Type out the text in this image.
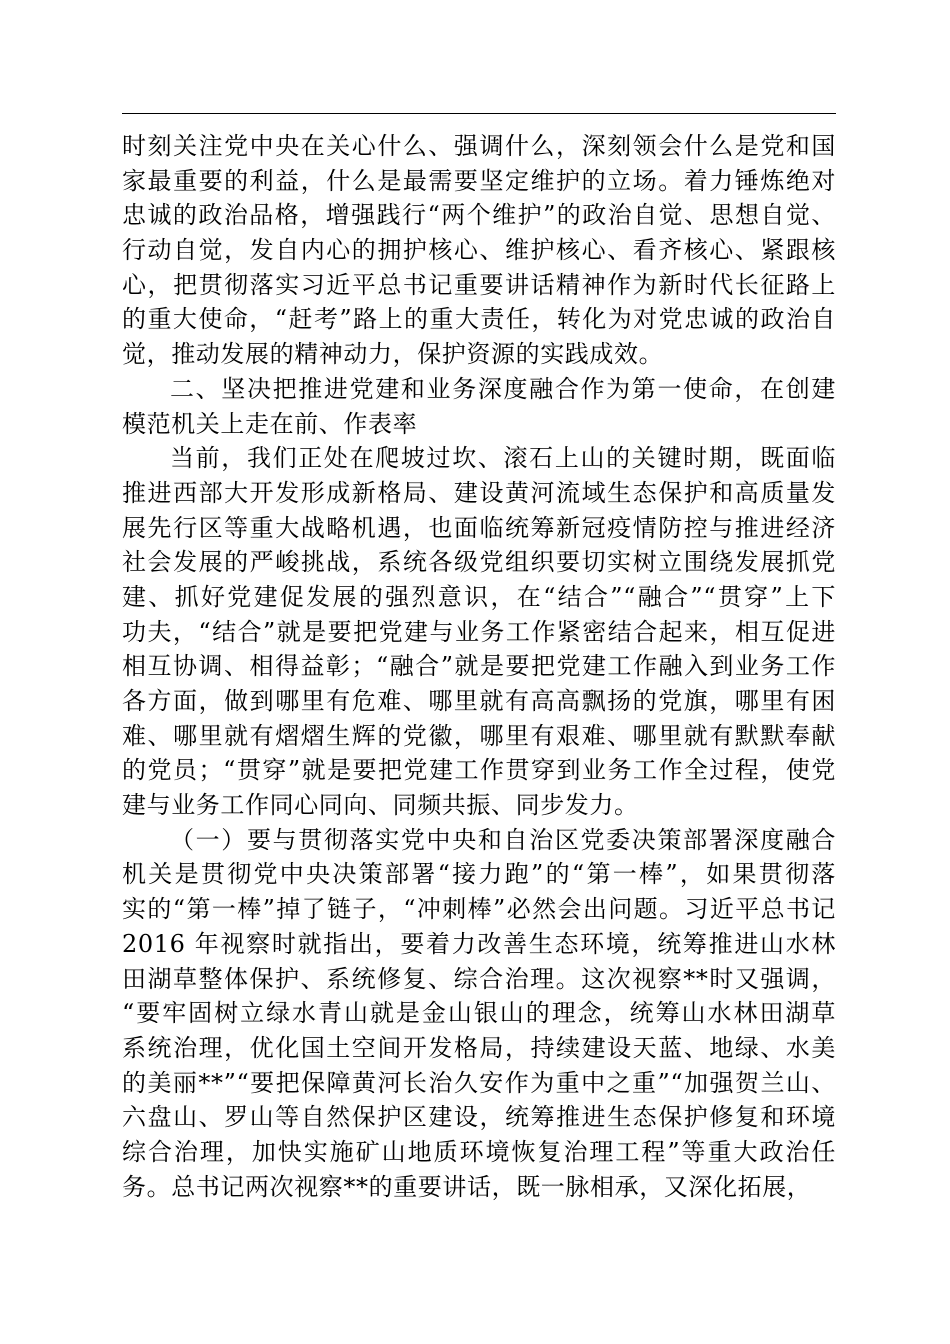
时刻关注党中央在关心什么、强调什么，深刻领会什么是党和国
家最重要的利益，什么是最需要坚定维护的立场。着力锤炼绝对
忠诚的政治品格，增强践行“两个维护”的政治自觉、思想自觉、
行动自觉，发自内心的拥护核心、维护核心、看齐核心、紧跟核
心，把贯彻落实习近平总书记重要讲话精神作为新时代长征路上
的重大使命，“赶考”路上的重大责任，转化为对党忠诚的政治自
觉，推动发展的精神动力，保护资源的实践成效。
二、坚决把推进党建和业务深度融合作为第一使命，在创建
模范机关上走在前、作表率
当前，我们正处在爬坡过坎、滚石上山的关键时期，既面临
推进西部大开发形成新格局、建设黄河流域生态保护和高质量发
展先行区等重大战略机遇，也面临统筹新冠疫情防控与推进经济
社会发展的严峻挑战，系统各级党组织要切实树立围绕发展抓党
建、抓好党建促发展的强烈意识，在“结合”“融合”“贯穿”上下
功夫，“结合”就是要把党建与业务工作紧密结合起来，相互促进
相互协调、相得益彰；“融合”就是要把党建工作融入到业务工作
各方面，做到哪里有危难、哪里就有高高飘扬的党旗，哪里有困
难、哪里就有熠熠生辉的党徽，哪里有艰难、哪里就有默默奉献
的党员；“贯穿”就是要把党建工作贯穿到业务工作全过程，使党
建与业务工作同心同向、同频共振、同步发力。
（一）要与贯彻落实党中央和自治区党委决策部署深度融合
机关是贯彻党中央决策部署“接力跑”的“第一棒”，如果贯彻落
实的“第一棒”掉了链子，“冲刺棒”必然会出问题。习近平总书记
2016 年视察时就指出，要着力改善生态环境，统筹推进山水林
田湖草整体保护、系统修复、综合治理。这次视察**时又强调，
“要牢固树立绿水青山就是金山银山的理念，统筹山水林田湖草
系统治理，优化国土空间开发格局，持续建设天蓝、地绿、水美
的美丽**”“要把保障黄河长治久安作为重中之重”“加强贺兰山、
六盘山、罗山等自然保护区建设，统筹推进生态保护修复和环境
综合治理，加快实施矿山地质环境恢复治理工程”等重大政治任
务。总书记两次视察**的重要讲话，既一脉相承，又深化拓展，
